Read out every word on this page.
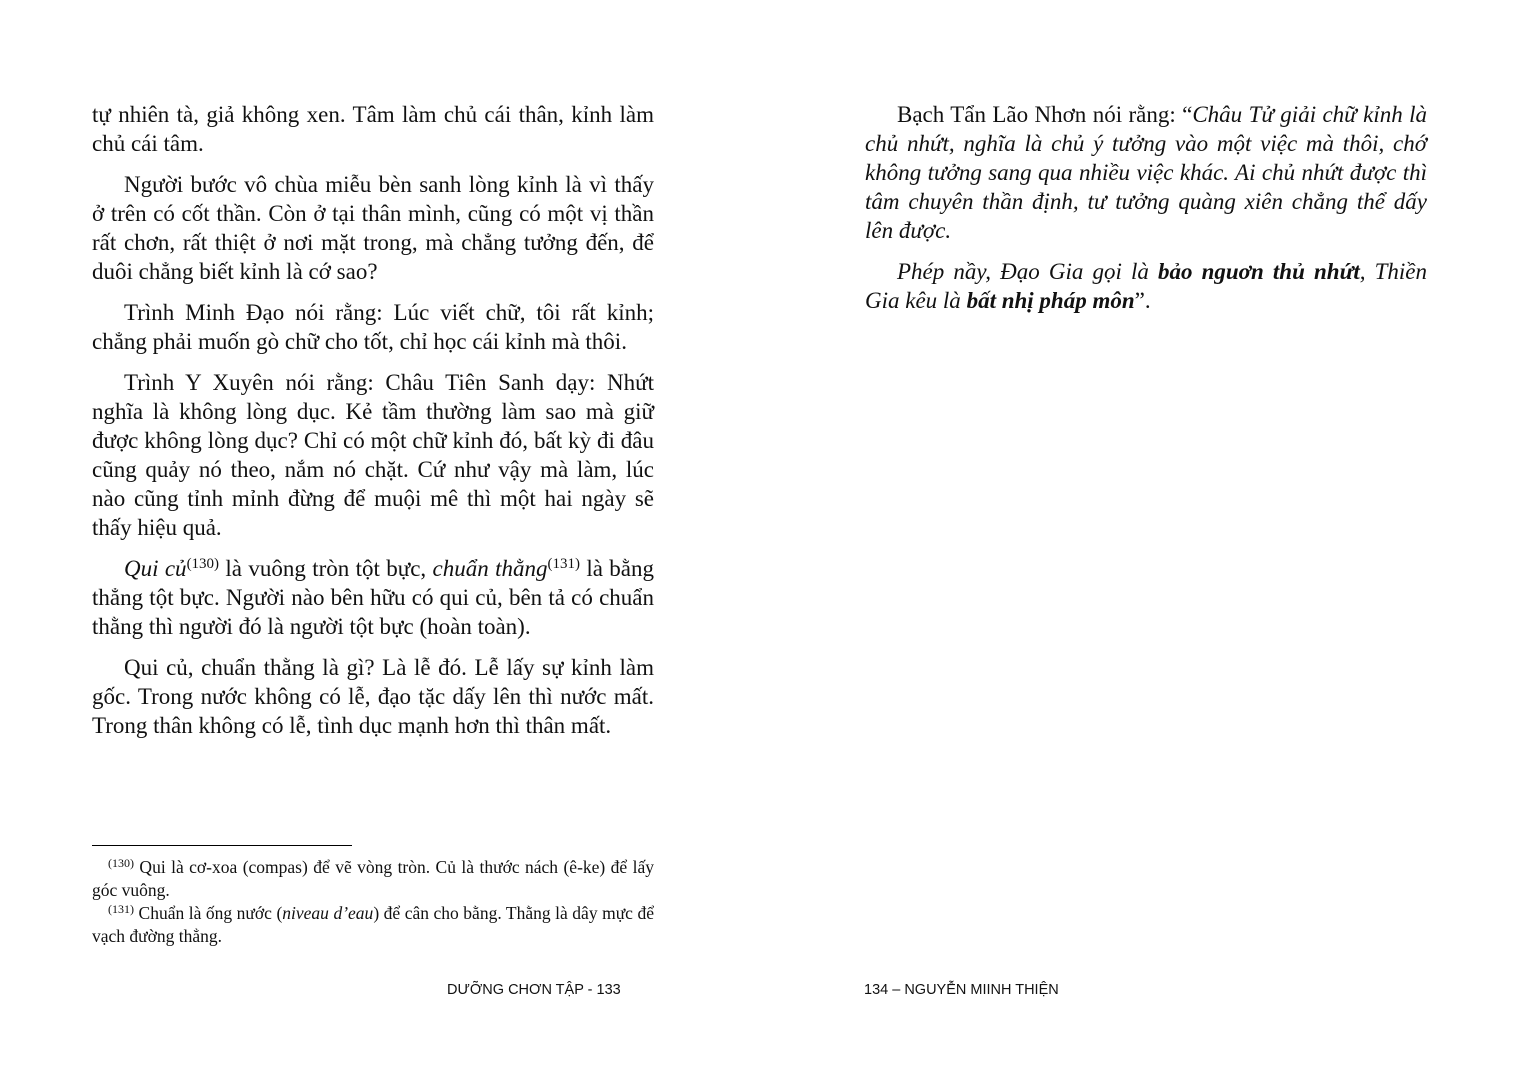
tự nhiên tà, giả không xen. Tâm làm chủ cái thân, kỉnh làm chủ cái tâm.

Người bước vô chùa miễu bèn sanh lòng kỉnh là vì thấy ở trên có cốt thần. Còn ở tại thân mình, cũng có một vị thần rất chơn, rất thiệt ở nơi mặt trong, mà chẳng tưởng đến, để duôi chẳng biết kỉnh là cớ sao?

Trình Minh Đạo nói rằng: Lúc viết chữ, tôi rất kỉnh; chẳng phải muốn gò chữ cho tốt, chỉ học cái kỉnh mà thôi.

Trình Y Xuyên nói rằng: Châu Tiên Sanh dạy: Nhứt nghĩa là không lòng dục. Kẻ tầm thường làm sao mà giữ được không lòng dục? Chỉ có một chữ kỉnh đó, bất kỳ đi đâu cũng quảy nó theo, nắm nó chặt. Cứ như vậy mà làm, lúc nào cũng tỉnh mỉnh đừng để muội mê thì một hai ngày sẽ thấy hiệu quả.

Qui củ$^{(130)}$ là vuông tròn tột bực, chuẩn thằng$^{(131)}$ là bằng thẳng tột bực. Người nào bên hữu có qui củ, bên tả có chuẩn thằng thì người đó là người tột bực (hoàn toàn).

Qui củ, chuẩn thằng là gì? Là lễ đó. Lễ lấy sự kỉnh làm gốc. Trong nước không có lễ, đạo tặc dấy lên thì nước mất. Trong thân không có lễ, tình dục mạnh hơn thì thân mất.

$^{(130)}$ Qui là cơ-xoa (compas) để vẽ vòng tròn. Củ là thước nách (ê-ke) để lấy góc vuông.

$^{(131)}$ Chuẩn là ống nước (niveau d’eau) để cân cho bằng. Thằng là dây mực để vạch đường thẳng.

Bạch Tẩn Lão Nhơn nói rằng: “Châu Tử giải chữ kỉnh là chủ nhứt, nghĩa là chủ ý tưởng vào một việc mà thôi, chớ không tưởng sang qua nhiều việc khác. Ai chủ nhứt được thì tâm chuyên thần định, tư tưởng quàng xiên chẳng thể dấy lên được.

Phép nầy, Đạo Gia gọi là bảo nguơn thủ nhứt, Thiền Gia kêu là bất nhị pháp môn”.

DƯỠNG CHƠN TẬP - 133	134 – NGUYỄN MIINH THIỆN
